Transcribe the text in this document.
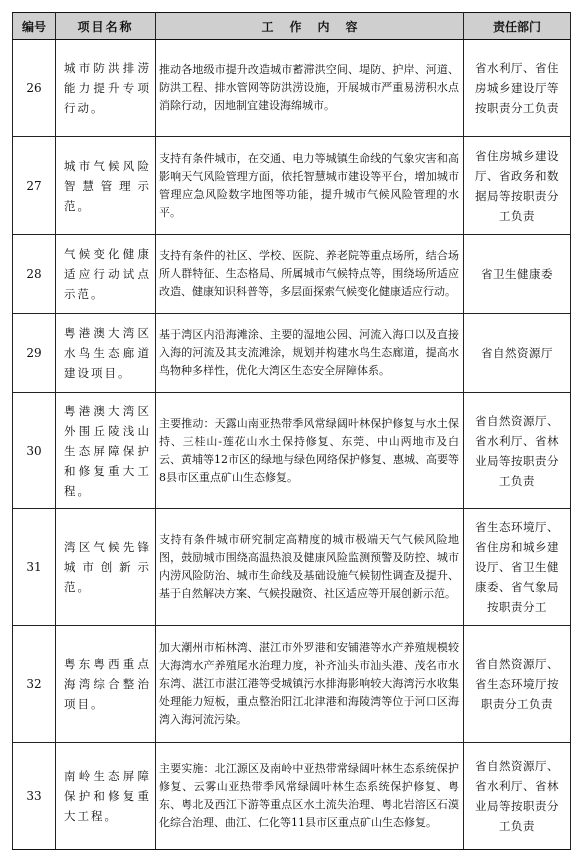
编号	项目名称	工作内容	责任部门
26	城市防洪排涝能力提升专项行动。	推动各地级市提升改造城市蓄滞洪空间、堤防、护岸、河道、防洪工程、排水管网等防洪涝设施，开展城市严重易涝积水点消除行动，因地制宜建设海绵城市。	省水利厅、省住房城乡建设厅等按职责分工负责
27	城市气候风险智慧管理示范。	支持有条件城市，在交通、电力等城镇生命线的气象灾害和高影响天气风险管理方面，依托智慧城市建设等平台，增加城市管理应急风险数字地图等功能，提升城市气候风险管理的水平。	省住房城乡建设厅、省政务和数据局等按职责分工负责
28	气候变化健康适应行动试点示范。	支持有条件的社区、学校、医院、养老院等重点场所，结合场所人群特征、生态格局、所属城市气候特点等，围绕场所适应改造、健康知识科普等，多层面探索气候变化健康适应行动。	省卫生健康委
29	粤港澳大湾区水鸟生态廊道建设项目。	基于湾区内沿海滩涂、主要的湿地公园、河流入海口以及直接入海的河流及其支流滩涂，规划并构建水鸟生态廊道，提高水鸟物种多样性，优化大湾区生态安全屏障体系。	省自然资源厅
30	粤港澳大湾区外围丘陵浅山生态屏障保护和修复重大工程。	主要推动：天露山南亚热带季风常绿阔叶林保护修复与水土保持、三桂山-莲花山水土保持修复、东莞、中山两地市及白云、黄埔等12市区的绿地与绿色网络保护修复、惠城、高要等8县市区重点矿山生态修复。	省自然资源厅、省水利厅、省林业局等按职责分工负责
31	湾区气候先锋城市创新示范。	支持有条件城市研究制定高精度的城市极端天气气候风险地图，鼓励城市围绕高温热浪及健康风险监测预警及防控、城市内涝风险防治、城市生命线及基础设施气候韧性调查及提升、基于自然解决方案、气候投融资、社区适应等开展创新示范。	省生态环境厅、省住房和城乡建设厅、省卫生健康委、省气象局按职责分工
32	粤东粤西重点海湾综合整治项目。	加大潮州市柘林湾、湛江市外罗港和安铺港等水产养殖规模较大海湾水产养殖尾水治理力度，补齐汕头市汕头港、茂名市水东湾、湛江市湛江港等受城镇污水排海影响较大海湾污水收集处理能力短板，重点整治阳江北津港和海陵湾等位于河口区海湾入海河流污染。	省自然资源厅、省生态环境厅按职责分工负责
33	南岭生态屏障保护和修复重大工程。	主要实施：北江源区及南岭中亚热带常绿阔叶林生态系统保护修复、云雾山亚热带季风常绿阔叶林生态系统保护修复、粤东、粤北及西江下游等重点区水土流失治理、粤北岩溶区石漠化综合治理、曲江、仁化等11县市区重点矿山生态修复。	省自然资源厅、省水利厅、省林业局等按职责分工负责
